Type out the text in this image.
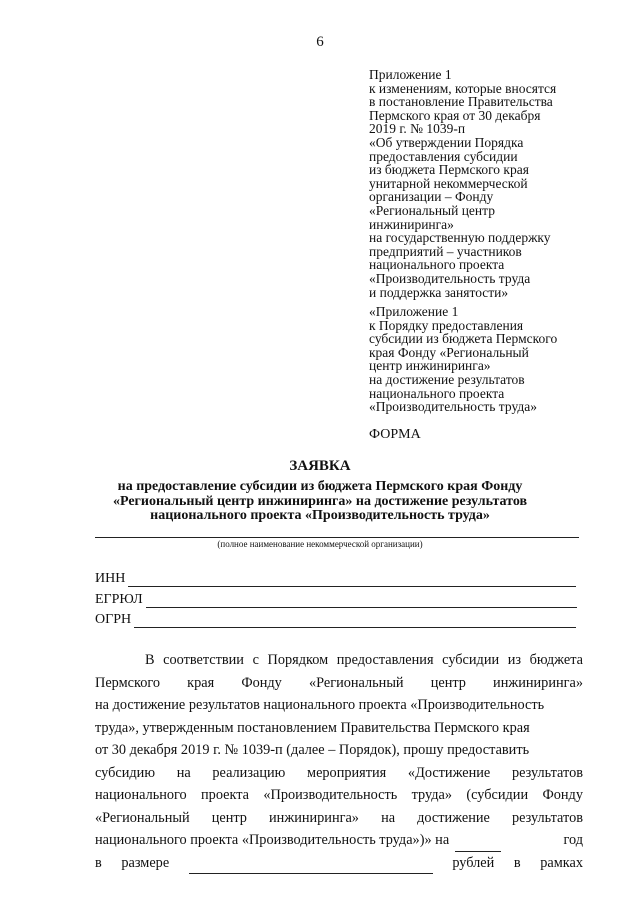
6
Приложение 1
к изменениям, которые вносятся
в постановление Правительства
Пермского края от 30 декабря
2019 г. № 1039-п
«Об утверждении Порядка
предоставления субсидии
из бюджета Пермского края
унитарной некоммерческой
организации – Фонду
«Региональный центр
инжиниринга»
на государственную поддержку
предприятий – участников
национального проекта
«Производительность труда
и поддержка занятости»
«Приложение 1
к Порядку предоставления
субсидии из бюджета Пермского
края Фонду «Региональный
центр инжиниринга»
на достижение результатов
национального проекта
«Производительность труда»
ФОРМА
ЗАЯВКА
на предоставление субсидии из бюджета Пермского края Фонду
«Региональный центр инжиниринга» на достижение результатов
национального проекта «Производительность труда»
(полное наименование некоммерческой организации)
ИНН
ЕГРЮЛ
ОГРН
В соответствии с Порядком предоставления субсидии из бюджета
Пермского края Фонду «Региональный центр инжиниринга»
на достижение результатов национального проекта «Производительность
труда», утвержденным постановлением Правительства Пермского края
от 30 декабря 2019 г. № 1039-п (далее – Порядок), прошу предоставить
субсидию на реализацию мероприятия «Достижение результатов
национального проекта «Производительность труда» (субсидии Фонду
«Региональный центр инжиниринга» на достижение результатов
национального проекта «Производительность труда»)» на	год
в размере	рублей в рамках
